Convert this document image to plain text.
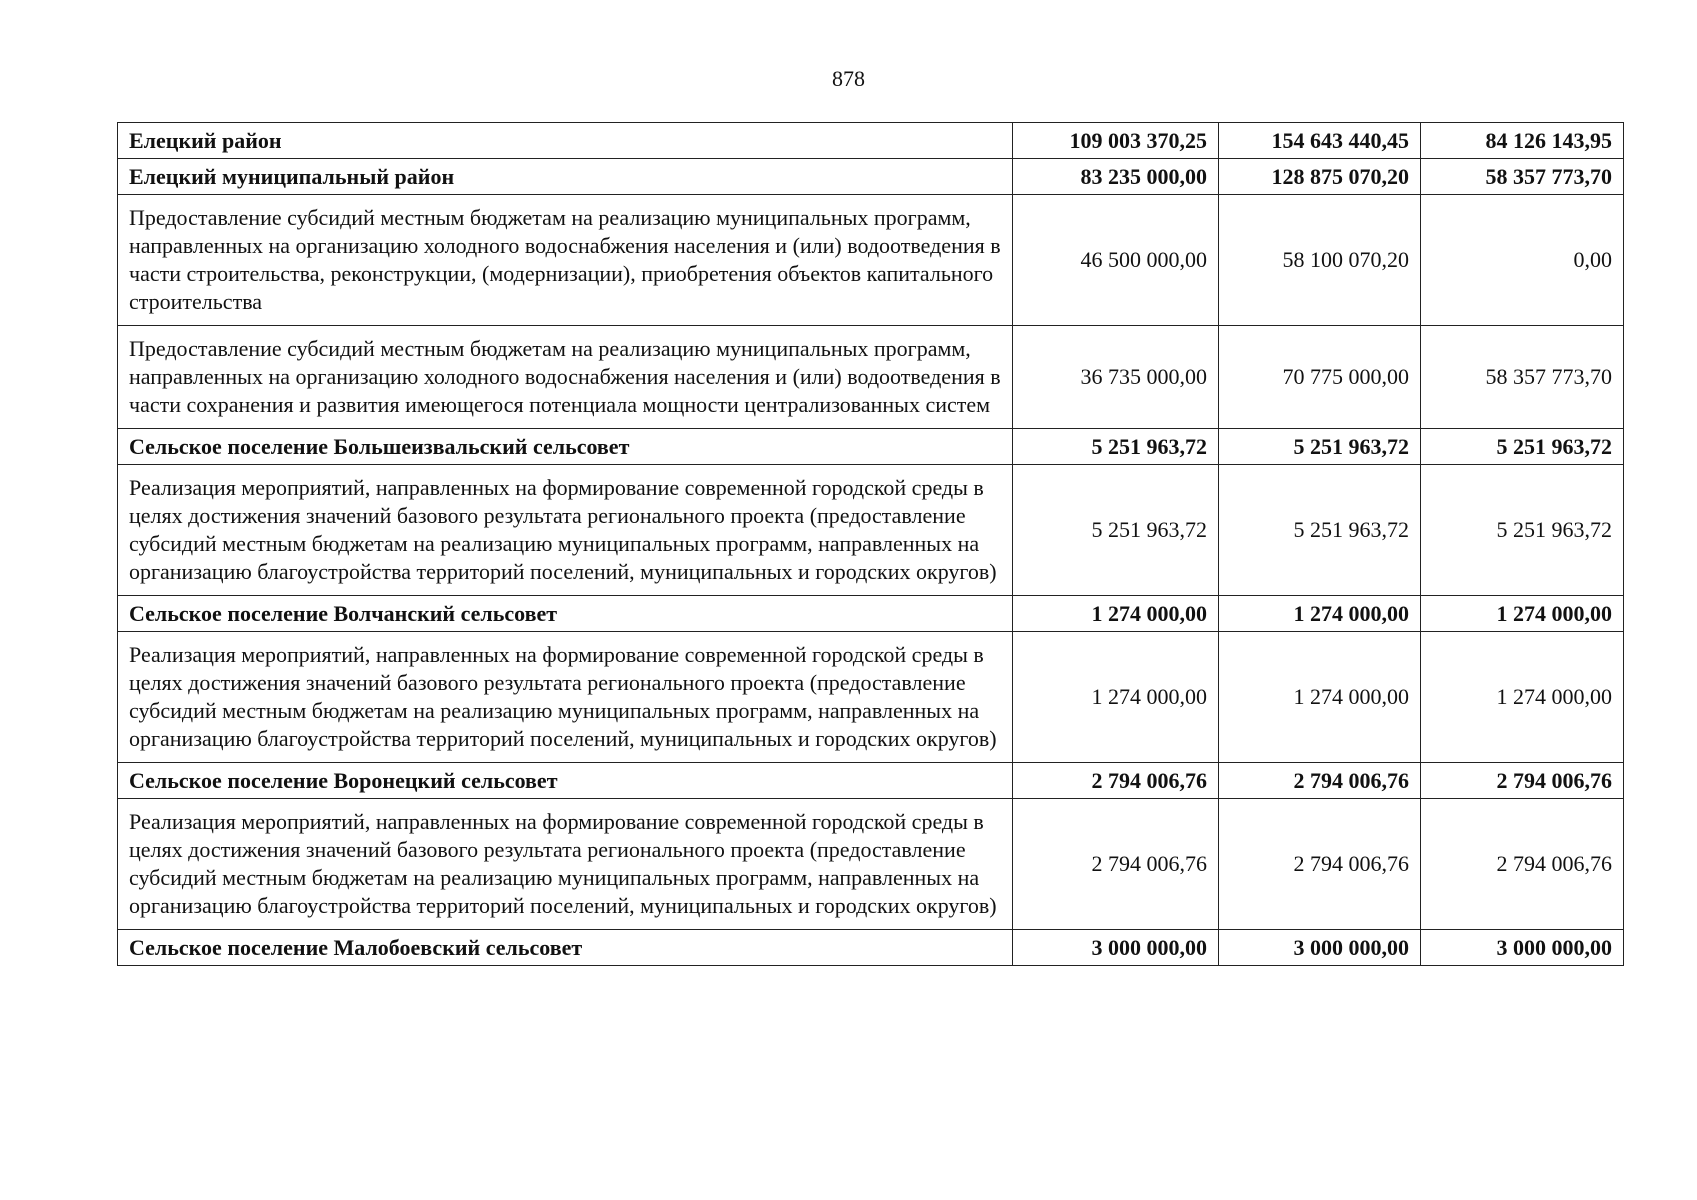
878
Елецкий район	109 003 370,25	154 643 440,45	84 126 143,95
Елецкий муниципальный район	83 235 000,00	128 875 070,20	58 357 773,70
Предоставление субсидий местным бюджетам на реализацию муниципальных программ, направленных на организацию холодного водоснабжения населения и (или) водоотведения в части строительства, реконструкции, (модернизации), приобретения объектов капитального строительства	46 500 000,00	58 100 070,20	0,00
Предоставление субсидий местным бюджетам на реализацию муниципальных программ, направленных на организацию холодного водоснабжения населения и (или) водоотведения в части сохранения и развития имеющегося потенциала мощности централизованных систем	36 735 000,00	70 775 000,00	58 357 773,70
Сельское поселение Большеизвальский сельсовет	5 251 963,72	5 251 963,72	5 251 963,72
Реализация мероприятий, направленных на формирование современной городской среды в целях достижения значений базового результата регионального проекта (предоставление субсидий местным бюджетам на реализацию муниципальных программ, направленных на организацию благоустройства территорий поселений, муниципальных и городских округов)	5 251 963,72	5 251 963,72	5 251 963,72
Сельское поселение Волчанский сельсовет	1 274 000,00	1 274 000,00	1 274 000,00
Реализация мероприятий, направленных на формирование современной городской среды в целях достижения значений базового результата регионального проекта (предоставление субсидий местным бюджетам на реализацию муниципальных программ, направленных на организацию благоустройства территорий поселений, муниципальных и городских округов)	1 274 000,00	1 274 000,00	1 274 000,00
Сельское поселение Воронецкий сельсовет	2 794 006,76	2 794 006,76	2 794 006,76
Реализация мероприятий, направленных на формирование современной городской среды в целях достижения значений базового результата регионального проекта (предоставление субсидий местным бюджетам на реализацию муниципальных программ, направленных на организацию благоустройства территорий поселений, муниципальных и городских округов)	2 794 006,76	2 794 006,76	2 794 006,76
Сельское поселение Малобоевский сельсовет	3 000 000,00	3 000 000,00	3 000 000,00
